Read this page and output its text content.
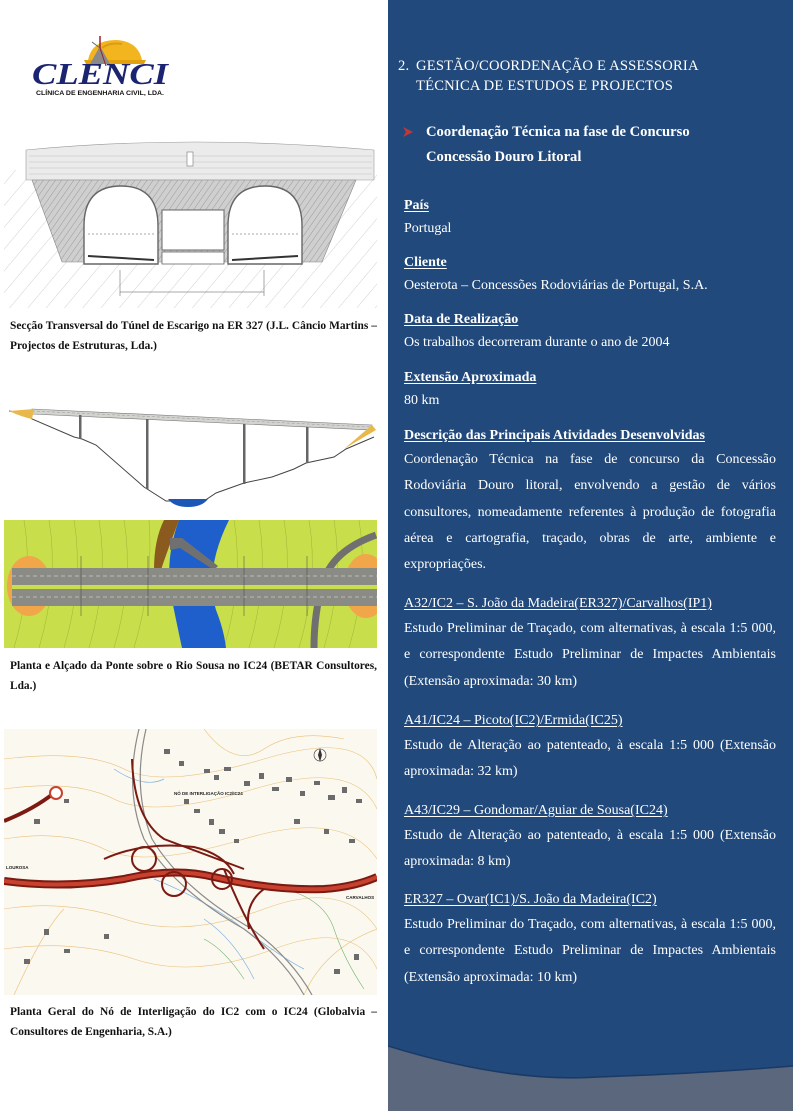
CLENCI
CLÍNICA DE ENGENHARIA CIVIL, LDA.
Secção Transversal do Túnel de Escarigo na ER 327 (J.L. Câncio Martins – Projectos de Estruturas, Lda.)
Planta e Alçado da Ponte sobre o Rio Sousa no IC24 (BETAR Consultores, Lda.)
NÓ DE INTERLIGAÇÃO IC2/IC24
LOUROSA
CARVALHOS
Planta Geral do Nó de Interligação do IC2 com o IC24 (Globalvia – Consultores de Engenharia, S.A.)
2. GESTÃO/COORDENAÇÃO E ASSESSORIA
TÉCNICA DE ESTUDOS E PROJECTOS
Coordenação Técnica na fase de Concurso
Concessão Douro Litoral
País
Portugal
Cliente
Oesterota – Concessões Rodoviárias de Portugal, S.A.
Data de Realização
Os trabalhos decorreram durante o ano de 2004
Extensão Aproximada
80 km
Descrição das Principais Atividades Desenvolvidas
Coordenação Técnica na fase de concurso da Concessão Rodoviária Douro litoral, envolvendo a gestão de vários consultores, nomeadamente referentes à produção de fotografia aérea e cartografia, traçado, obras de arte, ambiente e expropriações.
A32/IC2 – S. João da Madeira(ER327)/Carvalhos(IP1)
Estudo Preliminar de Traçado, com alternativas, à escala 1:5 000, e correspondente Estudo Preliminar de Impactes Ambientais (Extensão aproximada: 30 km)
A41/IC24 – Picoto(IC2)/Ermida(IC25)
Estudo de Alteração ao patenteado, à escala 1:5 000 (Extensão aproximada: 32 km)
A43/IC29 – Gondomar/Aguiar de Sousa(IC24)
Estudo de Alteração ao patenteado, à escala 1:5 000 (Extensão aproximada: 8 km)
ER327 – Ovar(IC1)/S. João da Madeira(IC2)
Estudo Preliminar do Traçado, com alternativas, à escala 1:5 000, e correspondente Estudo Preliminar de Impactes Ambientais (Extensão aproximada: 10 km)
